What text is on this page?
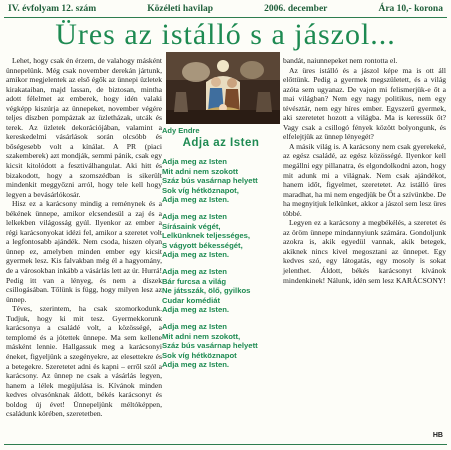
IV. évfolyam 12. szám	Közéleti havilap	2006. december	Ára 10,- korona
Üres az istálló s a jászol...

Lehet, hogy csak én érzem, de valahogy másként ünnepelünk. Még csak november derekán jártunk, amikor megjelentek az első égők az ünnepi üzletek kirakataiban, majd lassan, de biztosan, mintha adott félelmet az emberek, hogy idén valaki végképp kiszúrja az ünnepeket, november végére teljes díszben pompáztak az üzletházak, utcák és terek. Az üzletek dekorációjában, valamint a kereskedelmi vásárlások során olcsóbb és bőségesebb volt a kínálat. A PR (piaci szakemberek) azt mondják, semmi pánik, csak egy kicsit kitolódott a fesztiválhangulat. Aki hitt és bizakodott, hogy a szomszédban is sikerült mindenkit meggyőzni arról, hogy tele kell hogy legyen a bevásárlókosár.

Hisz ez a karácsony mindig a reménynek és a békének ünnepe, amikor elcsendesül a zaj és a lelkekben világosság gyúl. Ilyenkor az ember a régi karácsonyokat idézi fel, amikor a szeretet volt a legfontosabb ajándék. Nem csoda, hiszen olyan ünnep ez, amelyben minden ember egy kicsit gyermek lesz. Kis falvakban még él a hagyomány, de a városokban inkább a vásárlás lett az úr. Hurrá! Pedig itt van a lényeg, és nem a díszek csillogásában. Tőlünk is függ, hogy milyen lesz az ünnep.

Téves, szerintem, ha csak szomorkodunk. Tudjuk, hogy ki mit tesz. Gyermekkorunk karácsonya a családé volt, a közösségé, a templomé és a jótettek ünnepe. Ma sem kellene másként lennie. Hallgassuk meg a karácsonyi éneket, figyeljünk a szegényekre, az elesettekre és a betegekre. Szeretetet adni és kapni – erről szól a karácsony. Az ünnep ne csak a vásárlás legyen, hanem a lélek megújulása is. Kívánok minden kedves olvasónknak áldott, békés karácsonyt és boldog új évet! Ünnepeljünk méltóképpen, családunk körében, szeretetben.

Ady Endre
Adja az Isten
Adja meg az Isten
Mit adni nem szokott
Száz bús vasárnap helyett
Sok víg hétköznapot,
Adja meg az Isten.
Adja meg az Isten
Sírásaink végét,
Lelkünknek teljességes,
S vágyott békességét,
Adja meg az Isten.
Adja meg az Isten
Bár furcsa a világ
Ne játsszák, ölő, gyilkos
Cudar komédiát
Adja meg az Isten.
Adja meg az Isten
Mit adni nem szokott,
Száz bús vasárnap helyett
Sok víg hétköznapot
Adja meg az Isten.

bandát, naiunnepeket nem rontotta el.

Az üres istálló és a jászol képe ma is ott áll előttünk. Pedig a gyermek megszületett, és a világ azóta sem ugyanaz. De vajon mi felismerjük-e őt a mai világban? Nem egy nagy politikus, nem egy tévésztár, nem egy híres ember. Egyszerű gyermek, aki szeretetet hozott a világba. Ma is keressük őt? Vagy csak a csillogó fények között bolyongunk, és elfelejtjük az ünnep lényegét?

A másik világ is. A karácsony nem csak gyerekeké, az egész családé, az egész közösségé. Ilyenkor kell megállni egy pillanatra, és elgondolkodni azon, hogy mit adunk mi a világnak. Nem csak ajándékot, hanem időt, figyelmet, szeretetet. Az istálló üres maradhat, ha mi nem engedjük be Őt a szívünkbe. De ha megnyitjuk lelkünket, akkor a jászol sem lesz üres többé.

Legyen ez a karácsony a megbékélés, a szeretet és az öröm ünnepe mindannyiunk számára. Gondoljunk azokra is, akik egyedül vannak, akik betegek, akiknek nincs kivel megosztani az ünnepet. Egy kedves szó, egy látogatás, egy mosoly is sokat jelenthet. Áldott, békés karácsonyt kívánok mindenkinek! Nálunk, idén sem lesz KARÁCSONY!

HB
